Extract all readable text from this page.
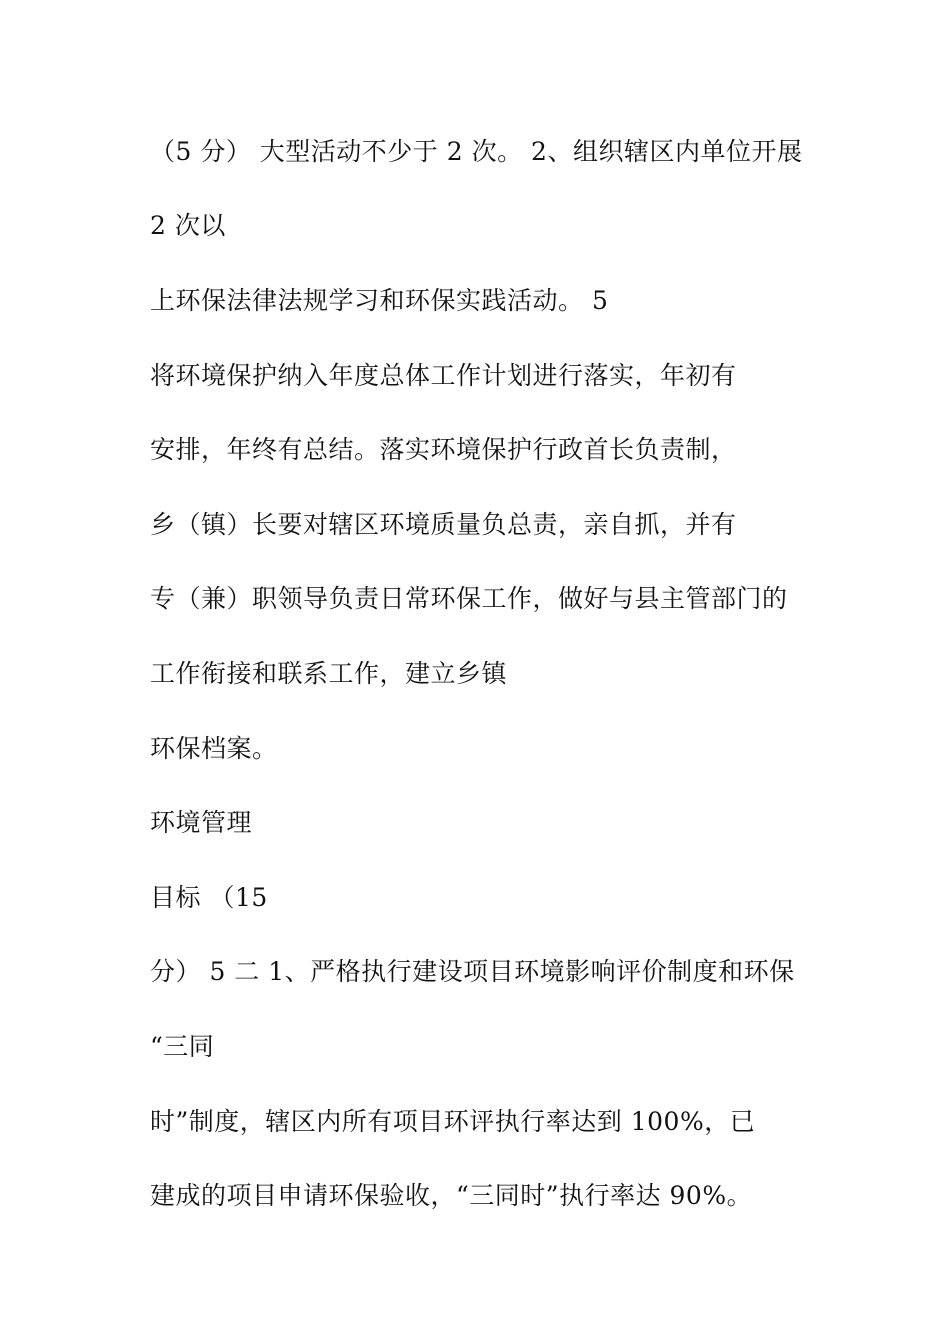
（5 分） 大型活动不少于 2 次。 2、组织辖区内单位开展
2 次以
上环保法律法规学习和环保实践活动。 5
将环境保护纳入年度总体工作计划进行落实，年初有
安排，年终有总结。落实环境保护行政首长负责制，
乡（镇）长要对辖区环境质量负总责，亲自抓，并有
专（兼）职领导负责日常环保工作，做好与县主管部门的
工作衔接和联系工作，建立乡镇
环保档案。
环境管理
目标 （15
分） 5 二 1、严格执行建设项目环境影响评价制度和环保
“三同
时”制度，辖区内所有项目环评执行率达到 100%，已
建成的项目申请环保验收，“三同时”执行率达 90%。
